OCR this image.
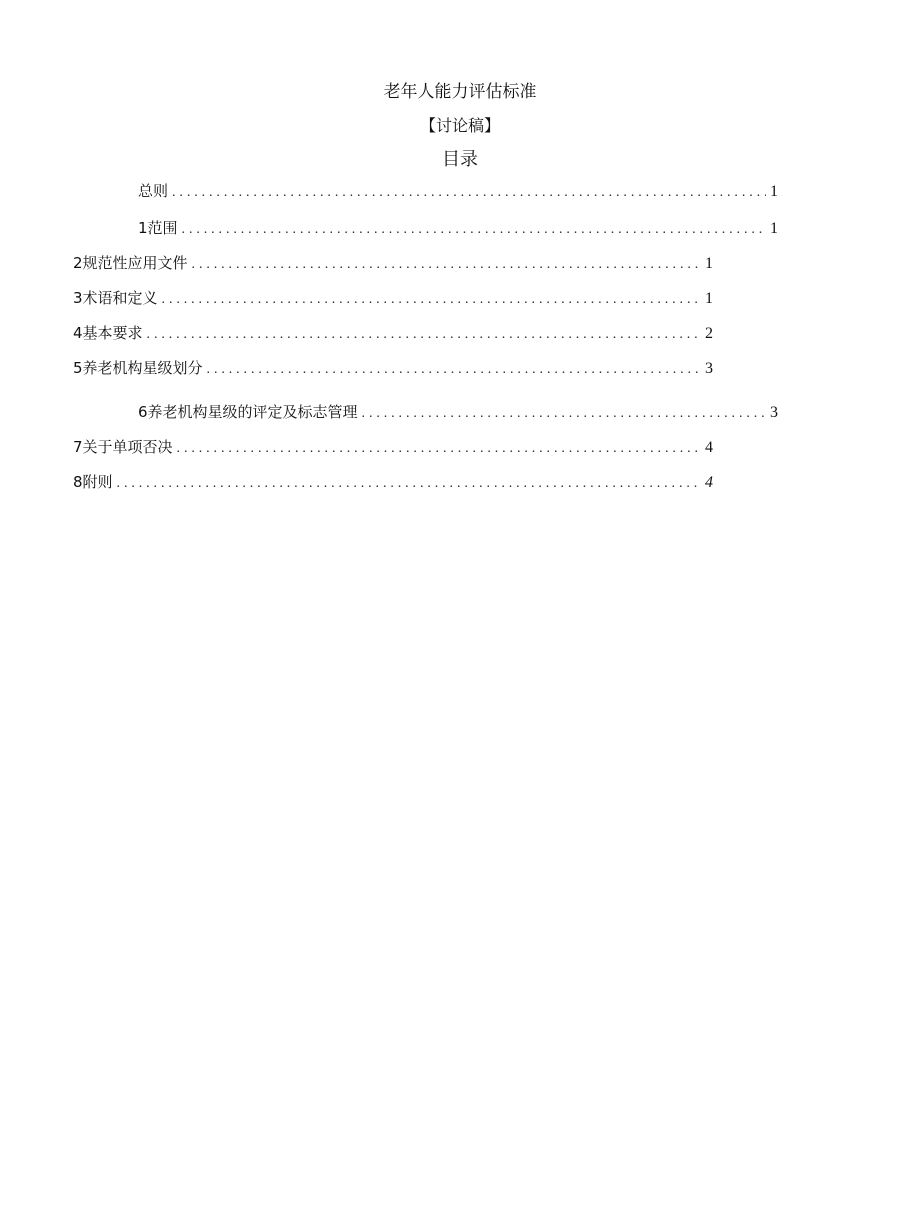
老年人能力评估标准
【讨论稿】
目录
总则 .....	1
1范围 .....	1
2规范性应用文件 .....	1
3术语和定义 .....	1
4基本要求 .....	2
5养老机构星级划分 .....	3
6养老机构星级的评定及标志管理 .....	3
7关于单项否决 .....	4
8附则 .....	4
